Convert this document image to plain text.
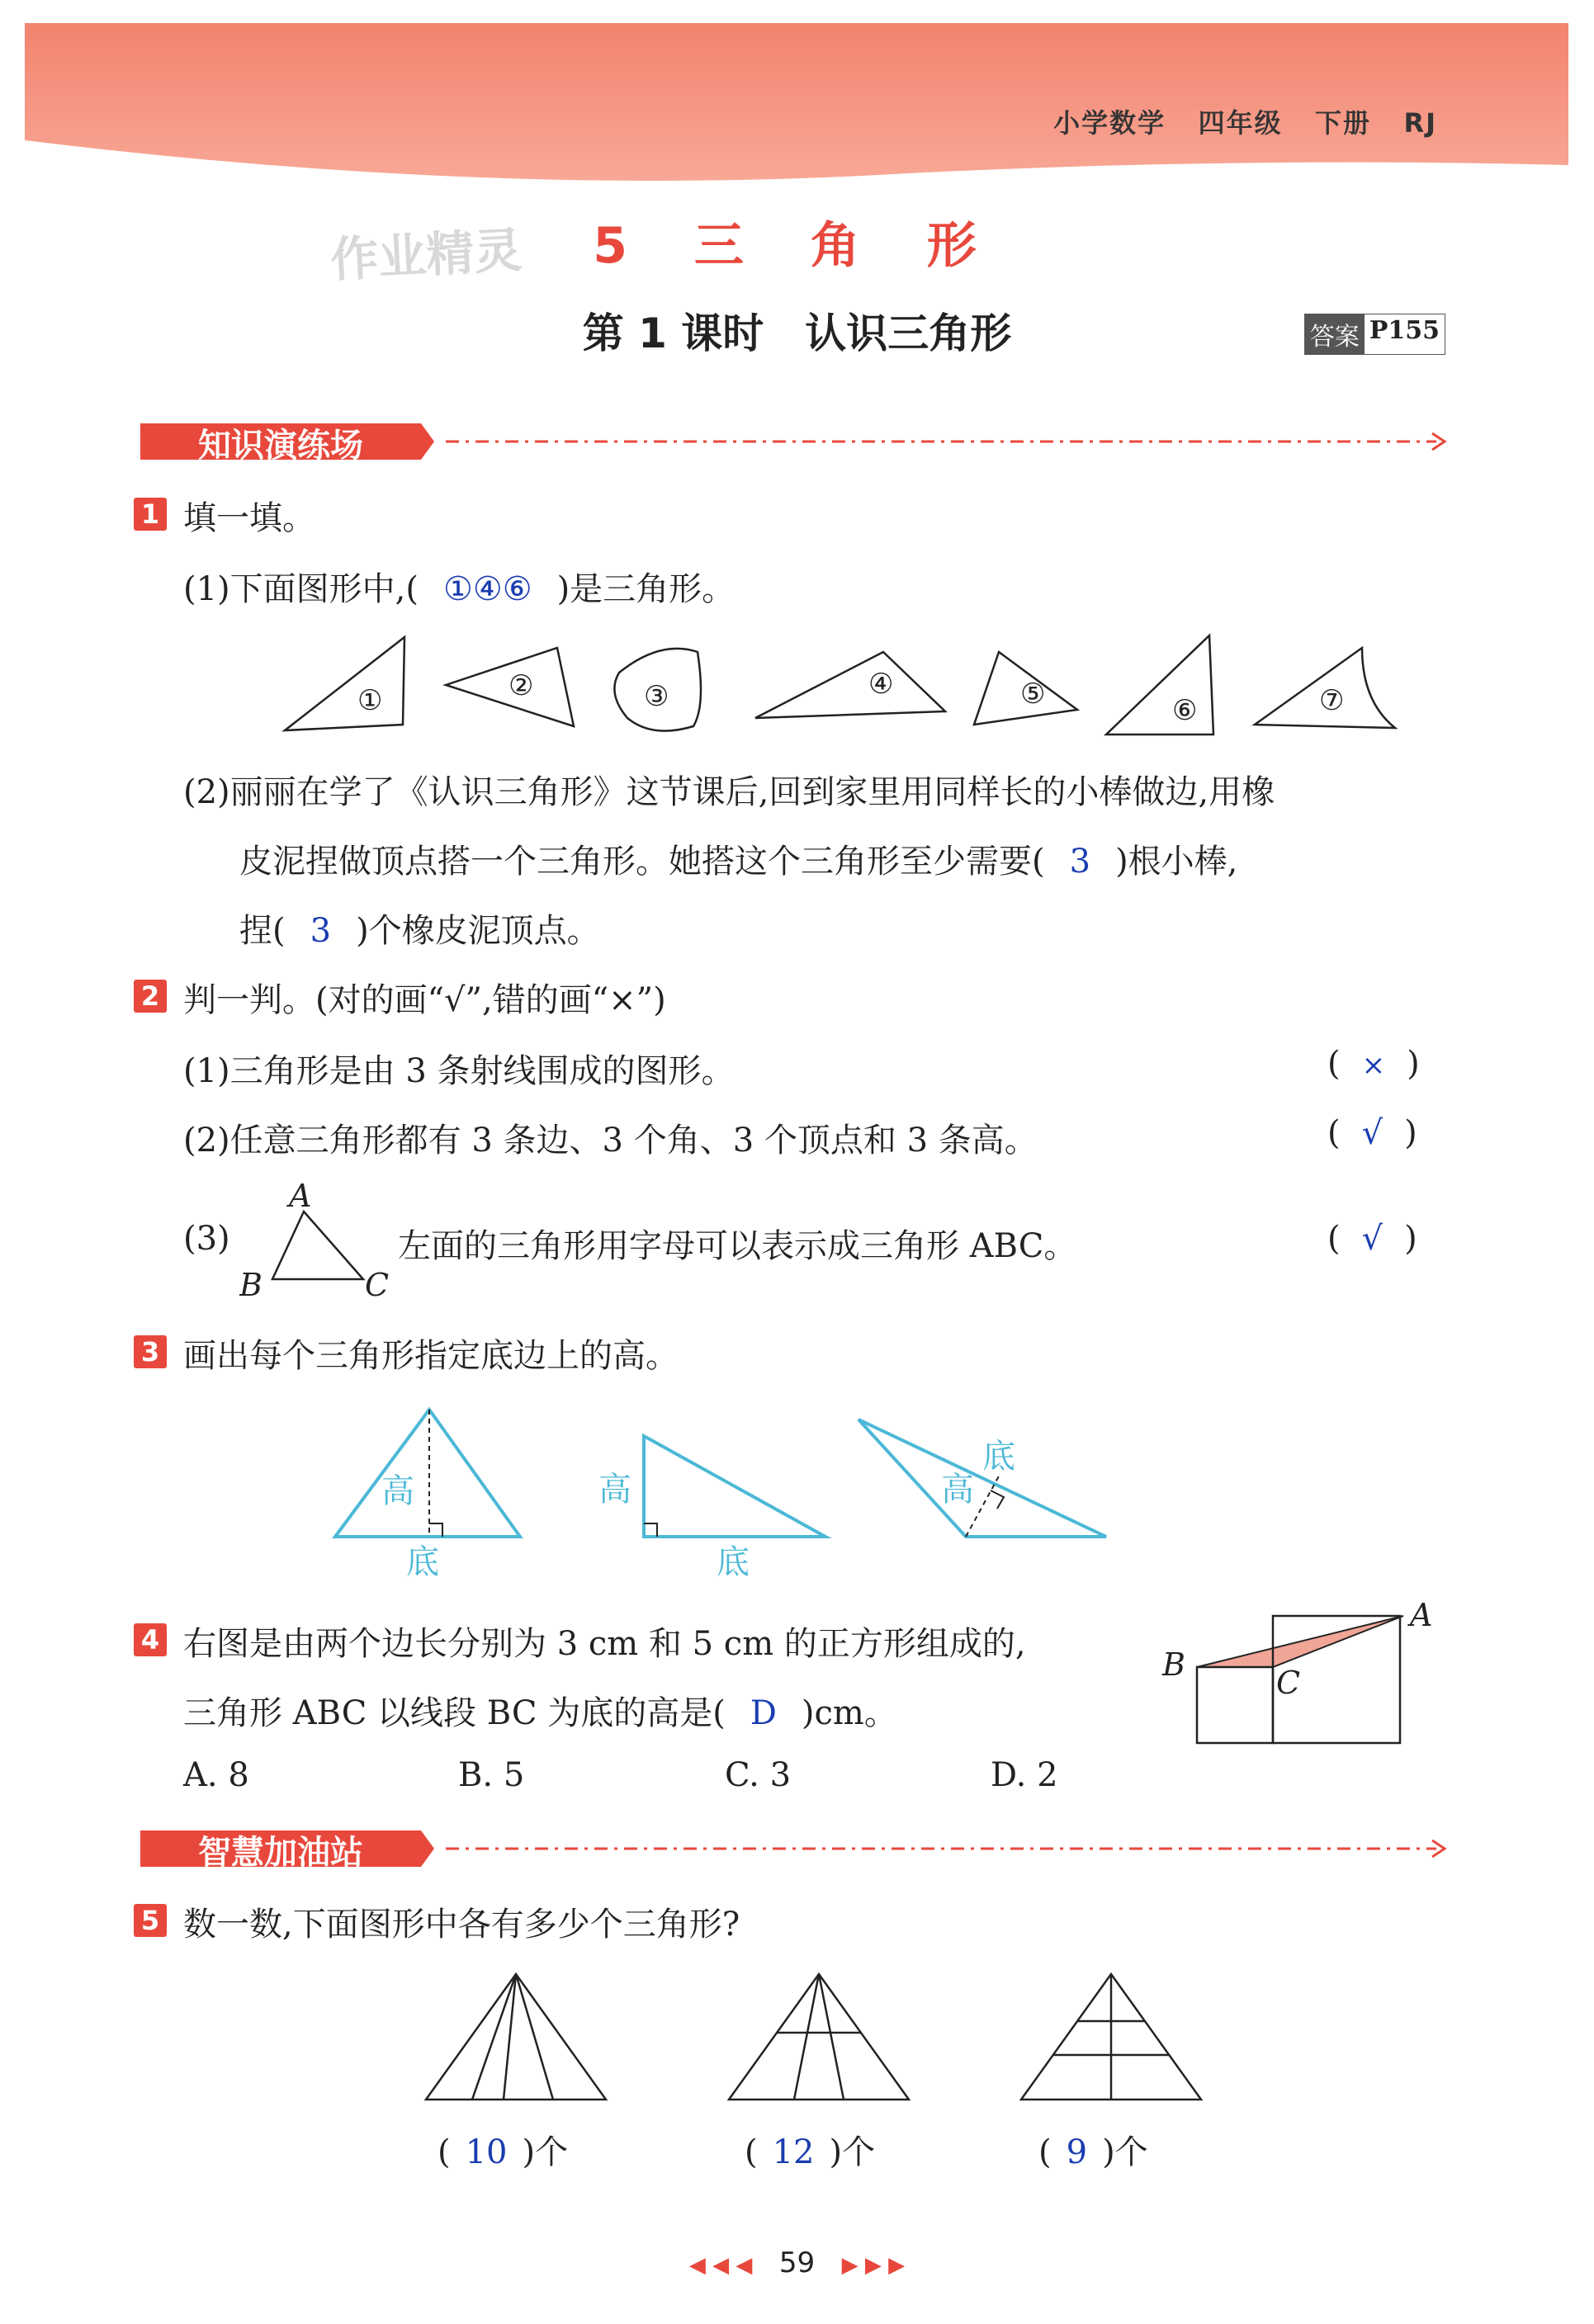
小学数学 四年级 下册 RJ
作业精灵	5 三 角 形
第 1 课时　认识三角形	答案 P155
知识演练场
1 填一填。
(1)下面图形中,( ①④⑥ )是三角形。
①	②	③	④	⑤	⑥	⑦
(2)丽丽在学了《认识三角形》这节课后,回到家里用同样长的小棒做边,用橡
皮泥捏做顶点搭一个三角形。她搭这个三角形至少需要( 3 )根小棒,
捏( 3 )个橡皮泥顶点。
2 判一判。(对的画“√”,错的画“×”)
(1)三角形是由 3 条射线围成的图形。	( × )
(2)任意三角形都有 3 条边、3 个角、3 个顶点和 3 条高。	( √ )
(3)
A
B	C
左面的三角形用字母可以表示成三角形 ABC。	( √ )
3 画出每个三角形指定底边上的高。
高
底
高
底
底
高
4 右图是由两个边长分别为 3 cm 和 5 cm 的正方形组成的,
三角形 ABC 以线段 BC 为底的高是( D )cm。
A. 8	B. 5	C. 3	D. 2
A
B	C
智慧加油站
5 数一数,下面图形中各有多少个三角形?
( 10 )个	( 12 )个	( 9 )个
◀ ◀ ◀ 59 ▶ ▶ ▶
